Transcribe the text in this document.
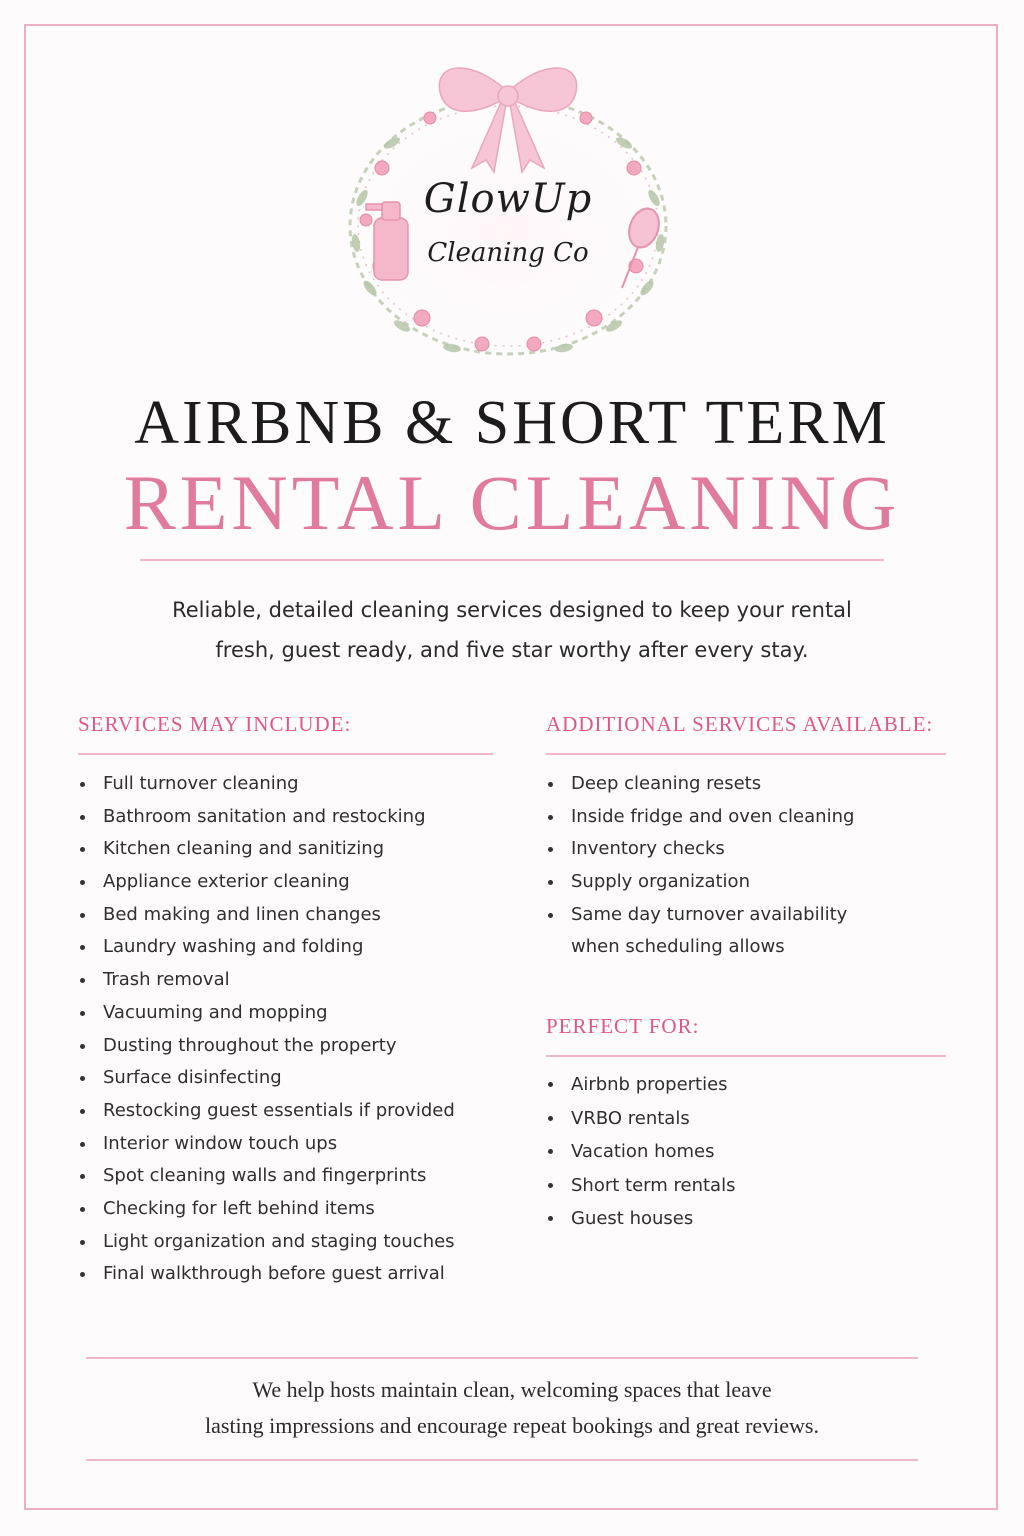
GlowUp
Cleaning Co
AIRBNB & SHORT TERM
RENTAL CLEANING

Reliable, detailed cleaning services designed to keep your rental
fresh, guest ready, and five star worthy after every stay.

SERVICES MAY INCLUDE:
Full turnover cleaning
Bathroom sanitation and restocking
Kitchen cleaning and sanitizing
Appliance exterior cleaning
Bed making and linen changes
Laundry washing and folding
Trash removal
Vacuuming and mopping
Dusting throughout the property
Surface disinfecting
Restocking guest essentials if provided
Interior window touch ups
Spot cleaning walls and fingerprints
Checking for left behind items
Light organization and staging touches
Final walkthrough before guest arrival
ADDITIONAL SERVICES AVAILABLE:
Deep cleaning resets
Inside fridge and oven cleaning
Inventory checks
Supply organization
Same day turnover availability
when scheduling allows
PERFECT FOR:
Airbnb properties
VRBO rentals
Vacation homes
Short term rentals
Guest houses

We help hosts maintain clean, welcoming spaces that leave
lasting impressions and encourage repeat bookings and great reviews.
